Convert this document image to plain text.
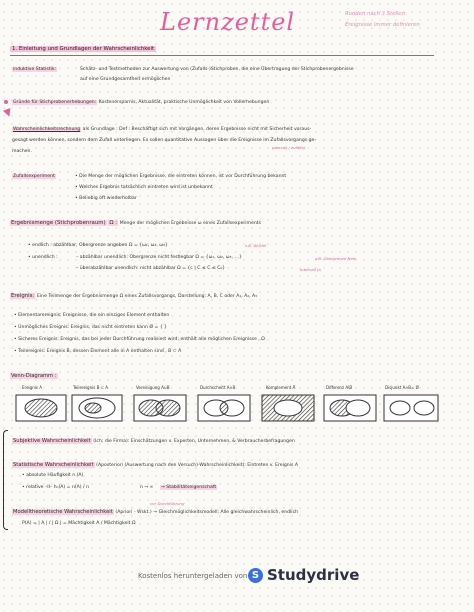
Lernzettel	Runden nach 3 Stellen
Ereignisse immer definieren
1. Einleitung und Grundlagen der Wahrscheinlichkeit
induktive Statistik:	Schätz- und Testmethoden zur Auswertung von (Zufalls-)Stichproben, die eine Übertragung der Stichprobenergebnisse
auf eine Grundgesamtheit ermöglichen
Gründe für Stichprobenerhebungen: Kostenersparnis, Aktualität, praktische Unmöglichkeit von Vollerhebungen
Wahrscheinlichkeitsrechnung als Grundlage : Def : Beschäftigt sich mit Vorgängen, deren Ergebnisse nicht mit Sicherheit voraus-
gesagt werden können, sondern dem Zufall unterliegen. Es sollen quantitative Aussagen über die Ereignisse im Zufallsvorgangs ge-
machen.
planvoll / zufällig
Zufallsexperiment	• Die Menge der möglichen Ergebnisse, die eintreten können, ist vor Durchführung bekannt
• Welches Ergebnis tatsächlich eintreten wird ist unbekannt
• Beliebig oft wiederholbar
Ergebnismenge (Stichprobenraum) Ω : Menge der möglichen Ergebnisse ω eines Zufallsexperiments
• endlich : abzählbar, Obergrenze angeben Ω = {ω₁, ω₂, ω₃}	z.B. Würfel
• unendlich :	– abzählbar unendlich: Obergrenze nicht festlegbar Ω = {ω₁, ω₂, ω₃, …}	z.B. Obergrenze Nein
– überabzählbar unendlich: nicht abzählbar Ω = {c | C ≤ C ≤ C₀}	Intervall Ja
Ereignis: Eine Teilmenge der Ergebnismenge Ω eines Zufallsvorgangs, Darstellung: A, B, C oder A₁, A₂, A₃
• Elementarereignis: Ereignisse, die ein einziges Element enthalten
• Unmögliches Ereignis: Ereignis, das nicht eintreten kann Ø = { }
• Sicheres Ereignis: Ereignis, das bei jeder Durchführung realisiert wird; enthält alle möglichen Ereignisse , Ω
• Teilereignis: Ereignis B, dessen Element alle in A enthalten sind , B ⊂ A
Venn-Diagramm :
Ereignis A	Teilereignis B ⊂ A	Vereinigung A∪B	Durchschnitt A∩B	Komplement Ā	Differenz A\B	Disjunkt A∩B= Ø
Subjektive Wahrscheinlichkeit (Ich; die Firma): Einschätzungen v. Experten, Unternehmen, & Verbraucherbefragungen
Statistische Wahrscheinlichkeit (Aposteriori (Auswertung nach den Versuch)-Wahrscheinlichkeit): Eintreten v. Ereignis A
• absolute Häufigkeit n (A)
• relative –II– hₙ(A) = n(A) / n	n → ∞ → Stabilitätseigenschaft
vor Durchführung
Modelltheoretische Wahrscheinlichkeit (Apriori - Wskt.) → Gleichmöglichkeitsmodell: Alle gleichwahrscheinlich, endlich
P(A) = | A | / | Ω | = Mächtigkeit A / Mächtigkeit Ω
Kostenlos heruntergeladen von S Studydrive
